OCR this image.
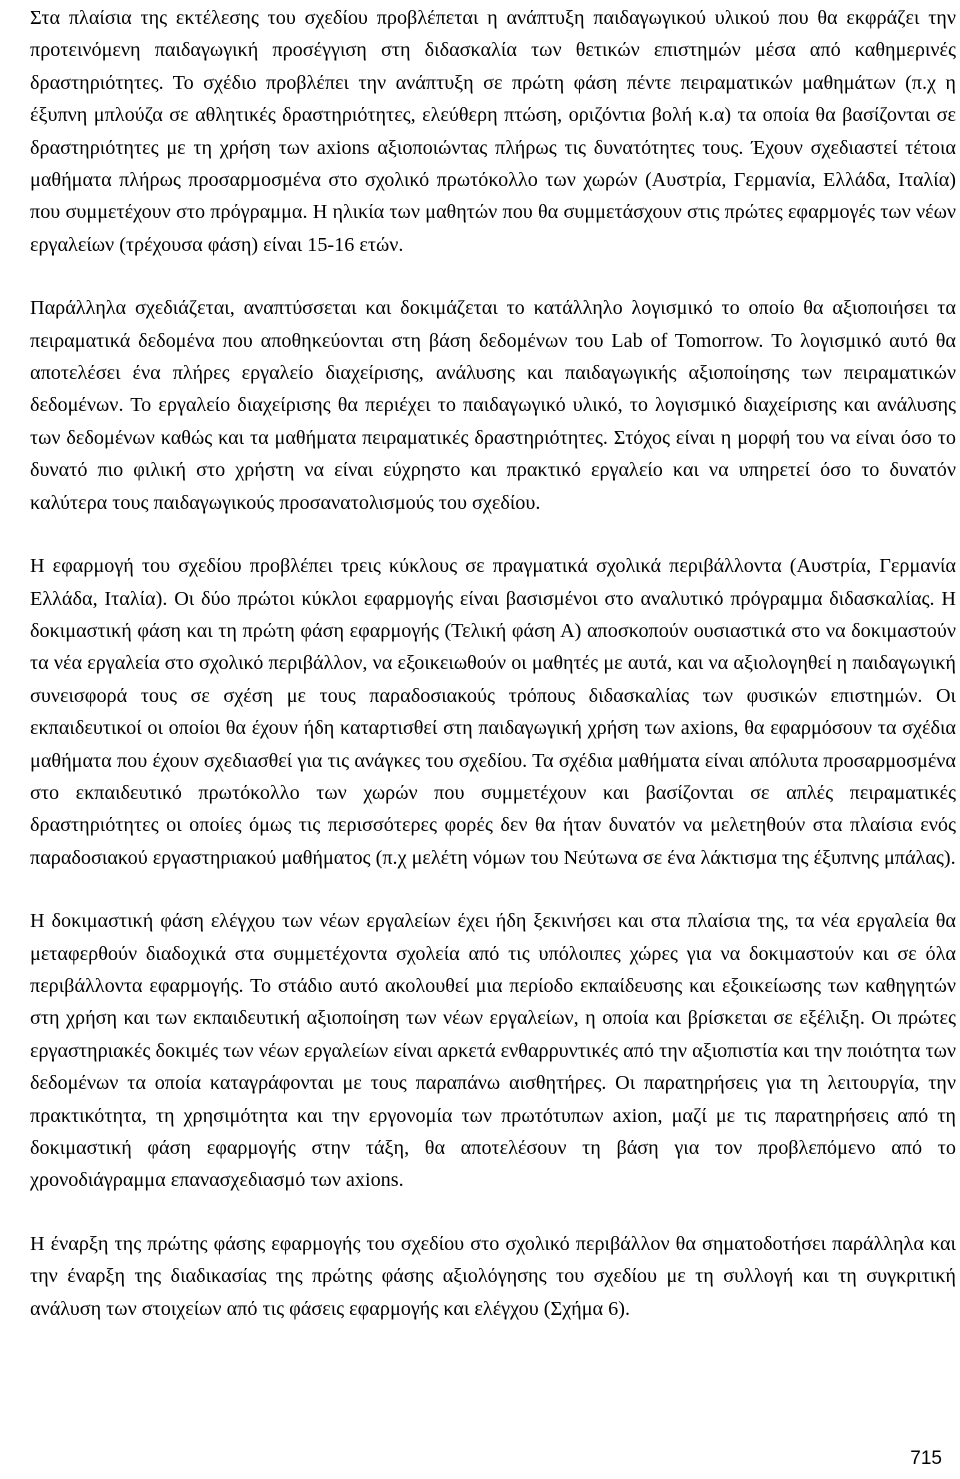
Στα πλαίσια της εκτέλεσης του σχεδίου προβλέπεται η ανάπτυξη παιδαγωγικού υλικού που θα εκφράζει την προτεινόμενη παιδαγωγική προσέγγιση στη διδασκαλία των θετικών επιστημών μέσα από καθημερινές δραστηριότητες. Το σχέδιο προβλέπει την ανάπτυξη σε πρώτη φάση πέντε πειραματικών μαθημάτων (π.χ η έξυπνη μπλούζα σε αθλητικές δραστηριότητες, ελεύθερη πτώση, οριζόντια βολή κ.α) τα οποία θα βασίζονται σε δραστηριότητες με τη χρήση των axions αξιοποιώντας πλήρως τις δυνατότητες τους. Έχουν σχεδιαστεί τέτοια μαθήματα πλήρως προσαρμοσμένα στο σχολικό πρωτόκολλο των χωρών (Αυστρία, Γερμανία, Ελλάδα, Ιταλία) που συμμετέχουν στο πρόγραμμα. Η ηλικία των μαθητών που θα συμμετάσχουν στις πρώτες εφαρμογές των νέων εργαλείων (τρέχουσα φάση) είναι 15-16 ετών.

Παράλληλα σχεδιάζεται, αναπτύσσεται και δοκιμάζεται το κατάλληλο λογισμικό το οποίο θα αξιοποιήσει τα πειραματικά δεδομένα που αποθηκεύονται στη βάση δεδομένων του Lab of Tomorrow. Το λογισμικό αυτό θα αποτελέσει ένα πλήρες εργαλείο διαχείρισης, ανάλυσης και παιδαγωγικής αξιοποίησης των πειραματικών δεδομένων. Το εργαλείο διαχείρισης θα περιέχει το παιδαγωγικό υλικό, το λογισμικό διαχείρισης και ανάλυσης των δεδομένων καθώς και τα μαθήματα πειραματικές δραστηριότητες. Στόχος είναι η μορφή του να είναι όσο το δυνατό πιο φιλική στο χρήστη να είναι εύχρηστο και πρακτικό εργαλείο και να υπηρετεί όσο το δυνατόν καλύτερα τους παιδαγωγικούς προσανατολισμούς του σχεδίου.

Η εφαρμογή του σχεδίου προβλέπει τρεις κύκλους σε πραγματικά σχολικά περιβάλλοντα (Αυστρία, Γερμανία Ελλάδα, Ιταλία). Οι δύο πρώτοι κύκλοι εφαρμογής είναι βασισμένοι στο αναλυτικό πρόγραμμα διδασκαλίας. Η δοκιμαστική φάση και τη πρώτη φάση εφαρμογής (Τελική φάση Α) αποσκοπούν ουσιαστικά στο να δοκιμαστούν τα νέα εργαλεία στο σχολικό περιβάλλον, να εξοικειωθούν οι μαθητές με αυτά, και να αξιολογηθεί η παιδαγωγική συνεισφορά τους σε σχέση με τους παραδοσιακούς τρόπους διδασκαλίας των φυσικών επιστημών. Οι εκπαιδευτικοί οι οποίοι θα έχουν ήδη καταρτισθεί στη παιδαγωγική χρήση των axions, θα εφαρμόσουν τα σχέδια μαθήματα που έχουν σχεδιασθεί για τις ανάγκες του σχεδίου. Τα σχέδια μαθήματα είναι απόλυτα προσαρμοσμένα στο εκπαιδευτικό πρωτόκολλο των χωρών που συμμετέχουν και βασίζονται σε απλές πειραματικές δραστηριότητες οι οποίες όμως τις περισσότερες φορές δεν θα ήταν δυνατόν να μελετηθούν στα πλαίσια ενός παραδοσιακού εργαστηριακού μαθήματος (π.χ μελέτη νόμων του Νεύτωνα σε ένα λάκτισμα της έξυπνης μπάλας).

Η δοκιμαστική φάση ελέγχου των νέων εργαλείων έχει ήδη ξεκινήσει και στα πλαίσια της, τα νέα εργαλεία θα μεταφερθούν διαδοχικά στα συμμετέχοντα σχολεία από τις υπόλοιπες χώρες για να δοκιμαστούν και σε όλα περιβάλλοντα εφαρμογής. Το στάδιο αυτό ακολουθεί μια περίοδο εκπαίδευσης και εξοικείωσης των καθηγητών στη χρήση και των εκπαιδευτική αξιοποίηση των νέων εργαλείων, η οποία και βρίσκεται σε εξέλιξη. Οι πρώτες εργαστηριακές δοκιμές των νέων εργαλείων είναι αρκετά ενθαρρυντικές από την αξιοπιστία και την ποιότητα των δεδομένων τα οποία καταγράφονται με τους παραπάνω αισθητήρες. Οι παρατηρήσεις για τη λειτουργία, την πρακτικότητα, τη χρησιμότητα και την εργονομία των πρωτότυπων axion, μαζί με τις παρατηρήσεις από τη δοκιμαστική φάση εφαρμογής στην τάξη, θα αποτελέσουν τη βάση για τον προβλεπόμενο από το χρονοδιάγραμμα επανασχεδιασμό των axions.

Η έναρξη της πρώτης φάσης εφαρμογής του σχεδίου στο σχολικό περιβάλλον θα σηματοδοτήσει παράλληλα και την έναρξη της διαδικασίας της πρώτης φάσης αξιολόγησης του σχεδίου με τη συλλογή και τη συγκριτική ανάλυση των στοιχείων από τις φάσεις εφαρμογής και ελέγχου (Σχήμα 6).

715
